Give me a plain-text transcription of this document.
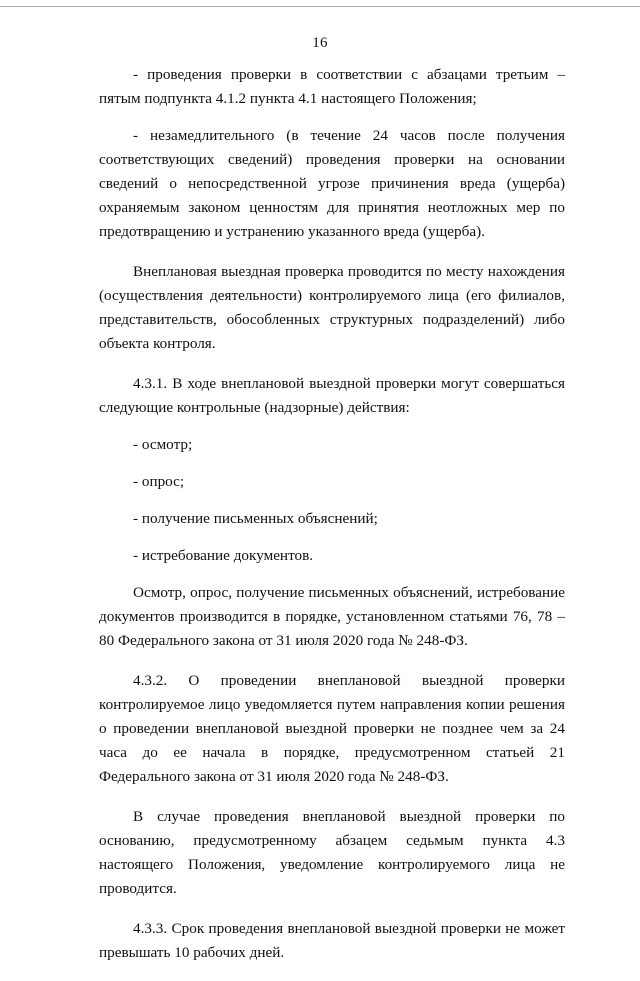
16

- проведения проверки в соответствии с абзацами третьим – пятым подпункта 4.1.2 пункта 4.1 настоящего Положения;

- незамедлительного (в течение 24 часов после получения соответствующих сведений) проведения проверки на основании сведений о непосредственной угрозе причинения вреда (ущерба) охраняемым законом ценностям для принятия неотложных мер по предотвращению и устранению указанного вреда (ущерба).

Внеплановая выездная проверка проводится по месту нахождения (осуществления деятельности) контролируемого лица (его филиалов, представительств, обособленных структурных подразделений) либо объекта контроля.

4.3.1. В ходе внеплановой выездной проверки могут совершаться следующие контрольные (надзорные) действия:

- осмотр;
- опрос;
- получение письменных объяснений;
- истребование документов.

Осмотр, опрос, получение письменных объяснений, истребование документов производится в порядке, установленном статьями 76, 78 – 80 Федерального закона от 31 июля 2020 года № 248-ФЗ.

4.3.2. О проведении внеплановой выездной проверки контролируемое лицо уведомляется путем направления копии решения о проведении внеплановой выездной проверки не позднее чем за 24 часа до ее начала в порядке, предусмотренном статьей 21 Федерального закона от 31 июля 2020 года № 248-ФЗ.

В случае проведения внеплановой выездной проверки по основанию, предусмотренному абзацем седьмым пункта 4.3 настоящего Положения, уведомление контролируемого лица не проводится.

4.3.3. Срок проведения внеплановой выездной проверки не может превышать 10 рабочих дней.
